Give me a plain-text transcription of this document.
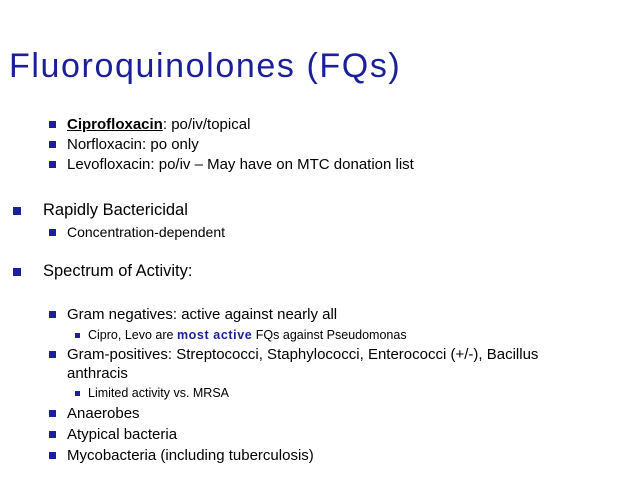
Fluoroquinolones (FQs)
Ciprofloxacin: po/iv/topical
Norfloxacin: po only
Levofloxacin: po/iv – May have on MTC donation list
Rapidly Bactericidal
Concentration-dependent
Spectrum of Activity:
Gram negatives: active against nearly all
Cipro, Levo are most active FQs against Pseudomonas
Gram-positives: Streptococci, Staphylococci, Enterococci (+/-), Bacillus
anthracis
Limited activity vs. MRSA
Anaerobes
Atypical bacteria
Mycobacteria (including tuberculosis)
